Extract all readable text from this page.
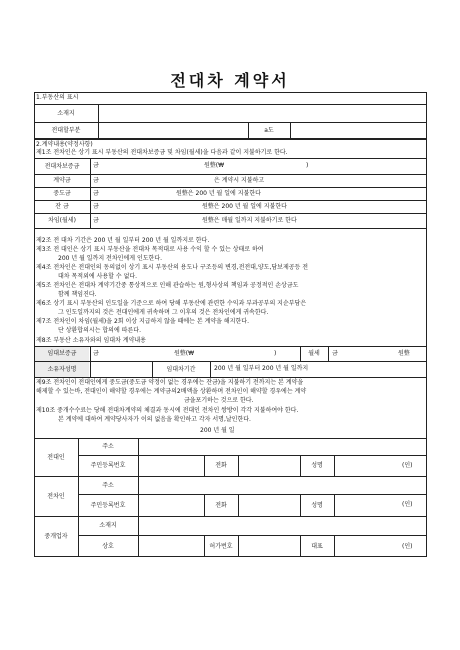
전대차 계약서
1.부동산의 표시
소재지
전대할부분	a도
2.계약내용(약정사항)
제1조 전차인은 상기 표시 부동산의 전대차보증금 및 차임(월세)을 다음과 같이 지불하기로 한다.
전대차보증금	금	원整(₩	)
계약금	금	은 계약시 지불하고
중도금	금	원整은 200 년 월 일에 지불한다
잔 금	금	원整은 200 년 월 일에 지불한다
차임(월세)	금	원整은 매월 일까지 지불하기로 한다
제2조 전 대차 기간은 200 년 월 일부터 200 년 월 일까지로 한다.
제3조 전 대인은 상기 표시 부동산을 전대차 목적대로 사용 수익 할 수 있는 상태로 하여
200 년 월 일까지 전차인에게 인도한다.
제4조 전차인은 전대인의 동의없이 상기 표시 부동산의 용도나 구조등의 변경,전전대,양도,담보제공등 전
대차 목적외에 사용할 수 없다.
제5조 전차인은 전대차 계약기간중 통상적으로 인해 관습하는 원,형사상의 책임과 공정적인 손상금도
함께 책임진다.
제6조 상기 표시 부동산의 인도일을 기준으로 하여 당해 부동산에 관련한 수익과 부과공부의 지순부담은
그 인도일까지의 것은 전대인에게 귀속하며 그 이후의 것은 전차인에게 귀속한다.
제7조 전차인이 차임(월세)을 2회 이상 지급하지 않을 때에는 본 계약을 해지한다.
단 상환합의시는 합의에 따른다.
제8조 부동산 소유자와의 임대차 계약내용
임대보증금	금	원整(₩	)	월세	금	원整
소유자성명	임대차기간	200 년 월 일부터 200 년 월 일까지
제9조 전차인이 전대인에게 중도금(중도금 약정이 없는 경우에는 잔금)을 지불하기 전까지는 본 계약을
해제할 수 있는바, 전대인이 해약할 경우에는 계약금의2배액을 상환하며 전차인이 해약할 경우에는 계약
금을포기하는 것으로 한다.
제10조 중개수수료는 당해 전대차계약의 체결과 동시에 전대인 전차인 쌍방이 각각 지불하여야 한다.
본 계약에 대하여 계약당사자가 이의 없음을 확인하고 각자 서명,날인한다.
200 년 월 일
전대인
주소
주민등록번호	전화	성명	(인)
전차인
주소
주민등록번호	전화	성명	(인)
중개업자
소재지
상호	허가번호	대표	(인)
